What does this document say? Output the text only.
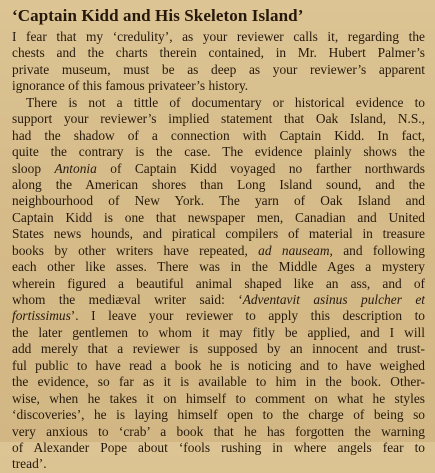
‘Captain Kidd and His Skeleton Island’
I fear that my ‘credulity’, as your reviewer calls it, regarding the
chests and the charts therein contained, in Mr. Hubert Palmer’s
private museum, must be as deep as your reviewer’s apparent
ignorance of this famous privateer’s history.
There is not a tittle of documentary or historical evidence to
support your reviewer’s implied statement that Oak Island, N.S.,
had the shadow of a connection with Captain Kidd. In fact,
quite the contrary is the case. The evidence plainly shows the
sloop Antonia of Captain Kidd voyaged no farther northwards
along the American shores than Long Island sound, and the
neighbourhood of New York. The yarn of Oak Island and
Captain Kidd is one that newspaper men, Canadian and United
States news hounds, and piratical compilers of material in treasure
books by other writers have repeated, ad nauseam, and following
each other like asses. There was in the Middle Ages a mystery
wherein figured a beautiful animal shaped like an ass, and of
whom the mediæval writer said: ‘Adventavit asinus pulcher et
fortissimus’. I leave your reviewer to apply this description to
the later gentlemen to whom it may fitly be applied, and I will
add merely that a reviewer is supposed by an innocent and trust-
ful public to have read a book he is noticing and to have weighed
the evidence, so far as it is available to him in the book. Other-
wise, when he takes it on himself to comment on what he styles
‘discoveries’, he is laying himself open to the charge of being so
very anxious to ‘crab’ a book that he has forgotten the warning
of Alexander Pope about ‘fools rushing in where angels fear to
tread’.
